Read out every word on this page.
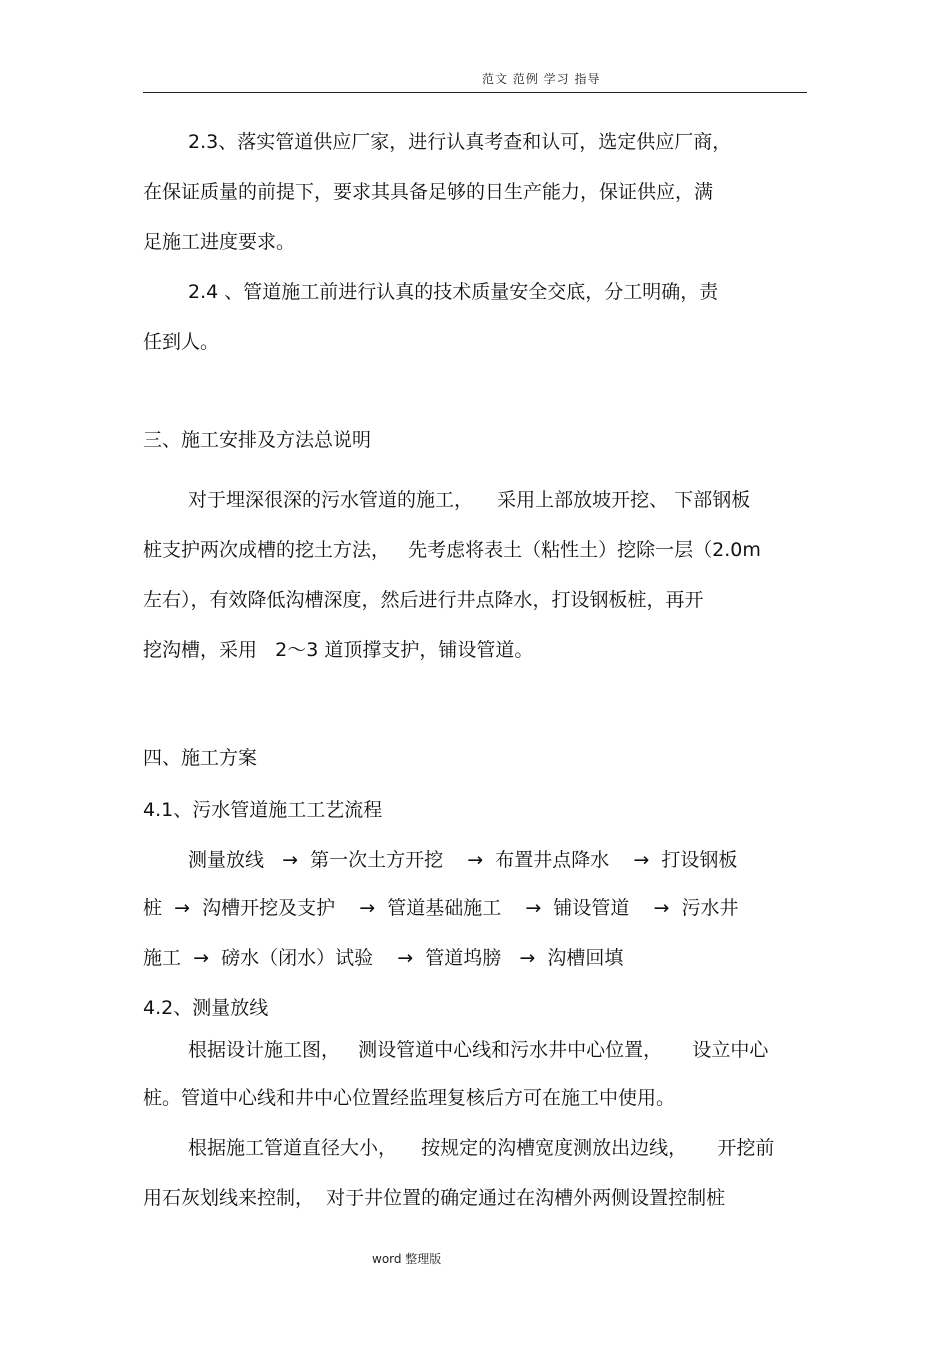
范文 范例 学习 指导
2.3、落实管道供应厂家，进行认真考查和认可，选定供应厂商，
在保证质量的前提下，要求其具备足够的日生产能力，保证供应，满
足施工进度要求。
2.4 、管道施工前进行认真的技术质量安全交底，分工明确，责
任到人。
三、施工安排及方法总说明
对于埋深很深的污水管道的施工，    采用上部放坡开挖、 下部钢板
桩支护两次成槽的挖土方法，   先考虑将表土（粘性土）挖除一层（2.0m
左右），有效降低沟槽深度，然后进行井点降水，打设钢板桩，再开
挖沟槽，采用   2～3 道顶撑支护，铺设管道。
四、施工方案
4.1、污水管道施工工艺流程
测量放线   →  第一次土方开挖    →  布置井点降水    →  打设钢板
桩  →  沟槽开挖及支护    →  管道基础施工    →  铺设管道    →  污水井
施工  →  磅水（闭水）试验    →  管道坞膀   →  沟槽回填
4.2、测量放线
根据设计施工图，   测设管道中心线和污水井中心位置，     设立中心
桩。管道中心线和井中心位置经监理复核后方可在施工中使用。
根据施工管道直径大小，    按规定的沟槽宽度测放出边线，     开挖前
用石灰划线来控制，  对于井位置的确定通过在沟槽外两侧设置控制桩
word 整理版
